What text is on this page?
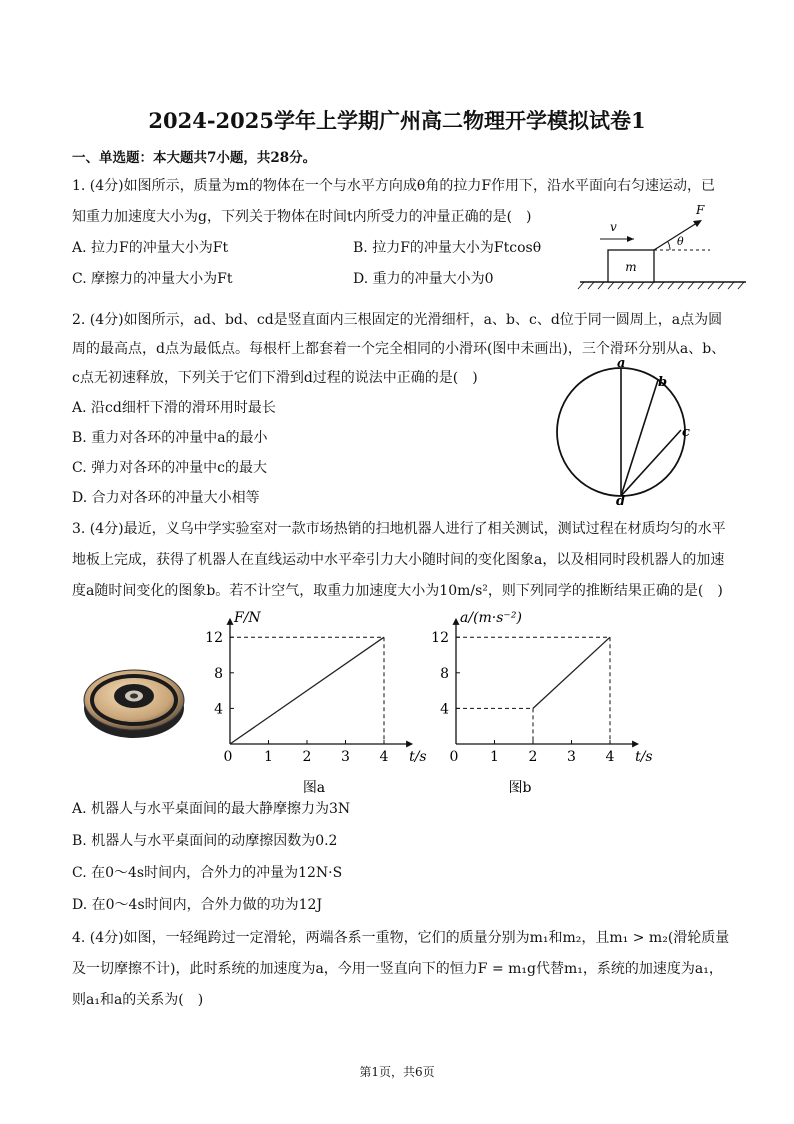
2024-2025学年上学期广州高二物理开学模拟试卷1
一、单选题：本大题共7小题，共28分。
1. (4分)如图所示，质量为m的物体在一个与水平方向成θ角的拉力F作用下，沿水平面向右匀速运动，已
知重力加速度大小为g，下列关于物体在时间t内所受力的冲量正确的是(　)
A. 拉力F的冲量大小为Ft	B. 拉力F的冲量大小为Ftcosθ
C. 摩擦力的冲量大小为Ft	D. 重力的冲量大小为0
m
v
F
θ
2. (4分)如图所示，ad、bd、cd是竖直面内三根固定的光滑细杆，a、b、c、d位于同一圆周上，a点为圆
周的最高点，d点为最低点。每根杆上都套着一个完全相同的小滑环(图中未画出)，三个滑环分别从a、b、
c点无初速释放，下列关于它们下滑到d过程的说法中正确的是(　)
A. 沿cd细杆下滑的滑环用时最长
B. 重力对各环的冲量中a的最小
C. 弹力对各环的冲量中c的最大
D. 合力对各环的冲量大小相等
a
b
c
d
3. (4分)最近，义乌中学实验室对一款市场热销的扫地机器人进行了相关测试，测试过程在材质均匀的水平
地板上完成，获得了机器人在直线运动中水平牵引力大小随时间的变化图象a，以及相同时段机器人的加速
度a随时间变化的图象b。若不计空气，取重力加速度大小为10m/s²，则下列同学的推断结果正确的是(　)
0 1 2 3 4
4
8
12
t/s
F/N
图a
0 1 2 3 4
4
8
12
t/s
a/(m·s⁻²)
图b
A. 机器人与水平桌面间的最大静摩擦力为3N
B. 机器人与水平桌面间的动摩擦因数为0.2
C. 在0～4s时间内，合外力的冲量为12N·S
D. 在0～4s时间内，合外力做的功为12J
4. (4分)如图，一轻绳跨过一定滑轮，两端各系一重物，它们的质量分别为m₁和m₂，且m₁ > m₂(滑轮质量
及一切摩擦不计)，此时系统的加速度为a，今用一竖直向下的恒力F = m₁g代替m₁，系统的加速度为a₁，
则a₁和a的关系为(　)
第1页，共6页
